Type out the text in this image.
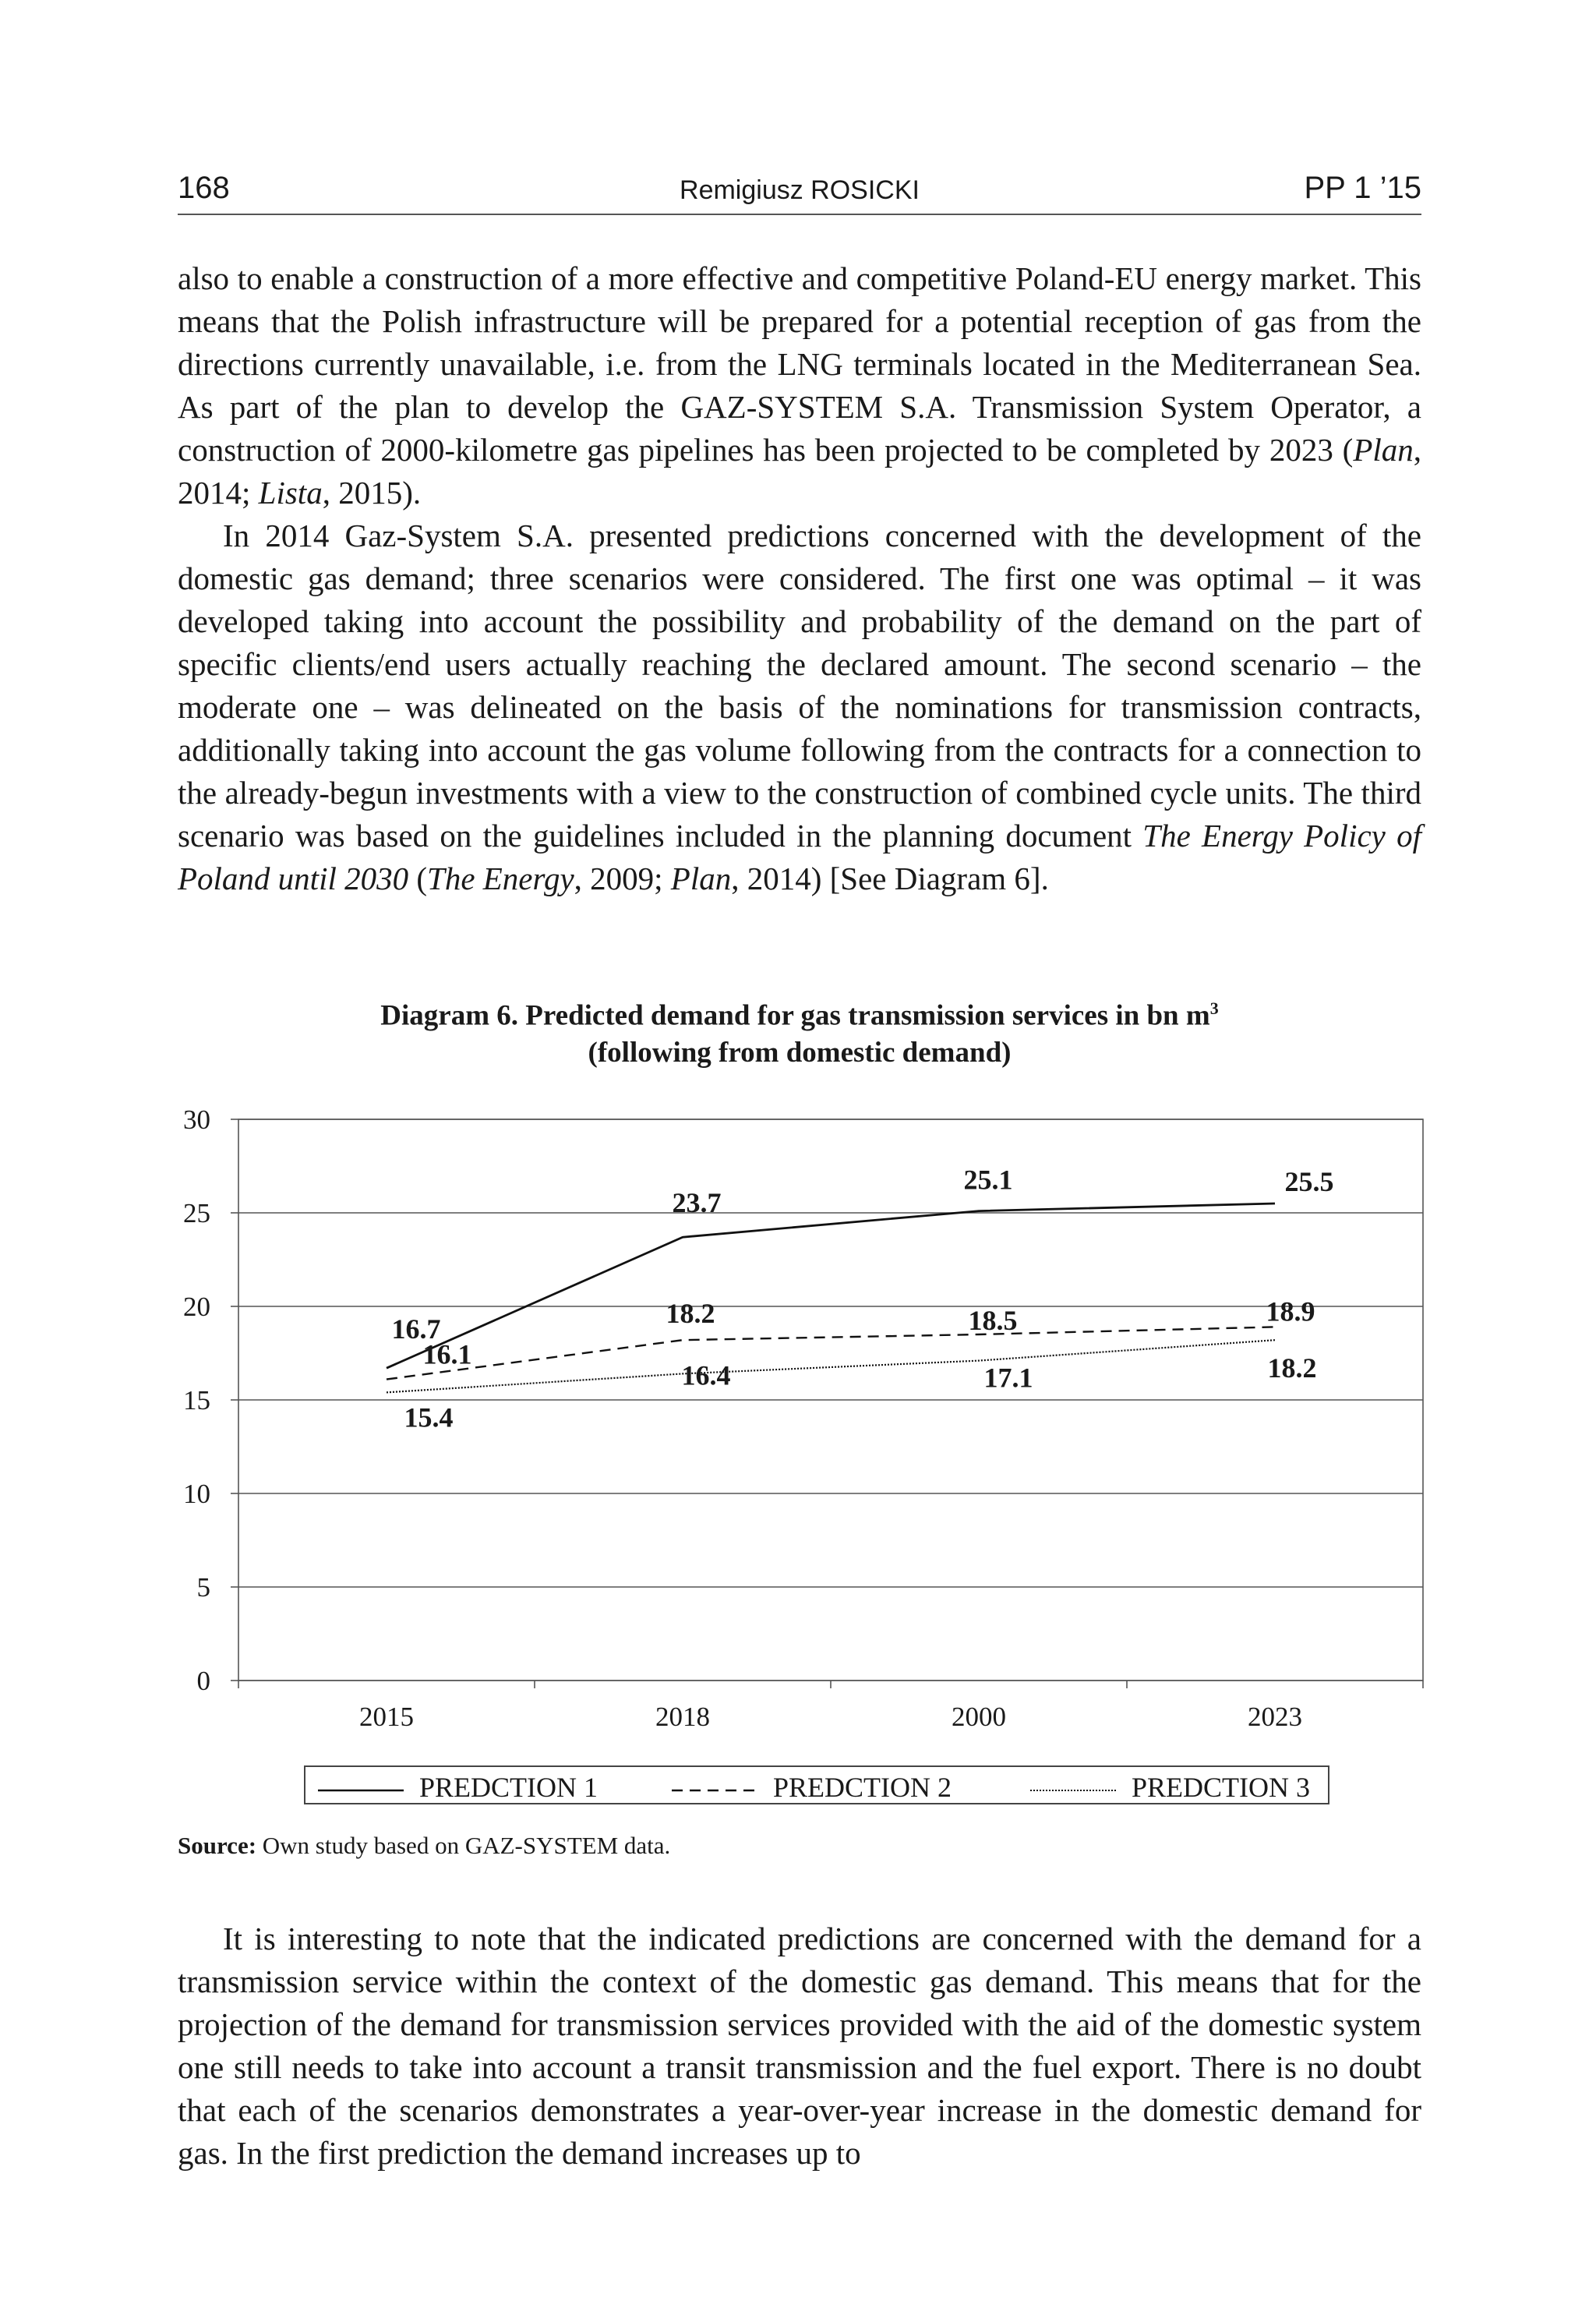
168	Remigiusz ROSICKI	PP 1 ’15

also to enable a construction of a more effective and competitive Poland-EU energy market. This means that the Polish infrastructure will be prepared for a potential reception of gas from the directions currently unavailable, i.e. from the LNG terminals located in the Mediterranean Sea. As part of the plan to develop the GAZ-SYSTEM S.A. Transmission System Operator, a construction of 2000-kilometre gas pipelines has been projected to be completed by 2023 (Plan, 2014; Lista, 2015).

In 2014 Gaz-System S.A. presented predictions concerned with the development of the domestic gas demand; three scenarios were considered. The first one was optimal – it was developed taking into account the possibility and probability of the demand on the part of specific clients/end users actually reaching the declared amount. The second scenario – the moderate one – was delineated on the basis of the nominations for transmission contracts, additionally taking into account the gas volume following from the contracts for a connection to the already-begun investments with a view to the construction of combined cycle units. The third scenario was based on the guidelines included in the planning document The Energy Policy of Poland until 2030 (The Energy, 2009; Plan, 2014) [See Diagram 6].

Diagram 6. Predicted demand for gas transmission services in bn $m^3$
(following from domestic demand)
0
5
10
15
20
25
30
2015	2018	2000	2023
16.7
23.7
25.1	25.5
16.1
18.2	18.5	18.9
15.4
16.4	17.1	18.2
PREDCTION 1	PREDCTION 2	PREDCTION 3
Source: Own study based on GAZ-SYSTEM data.

It is interesting to note that the indicated predictions are concerned with the demand for a transmission service within the context of the domestic gas demand. This means that for the projection of the demand for transmission services provided with the aid of the domestic system one still needs to take into account a transit transmission and the fuel export. There is no doubt that each of the scenarios demonstrates a year-over-year increase in the domestic demand for gas. In the first prediction the demand increases up to
